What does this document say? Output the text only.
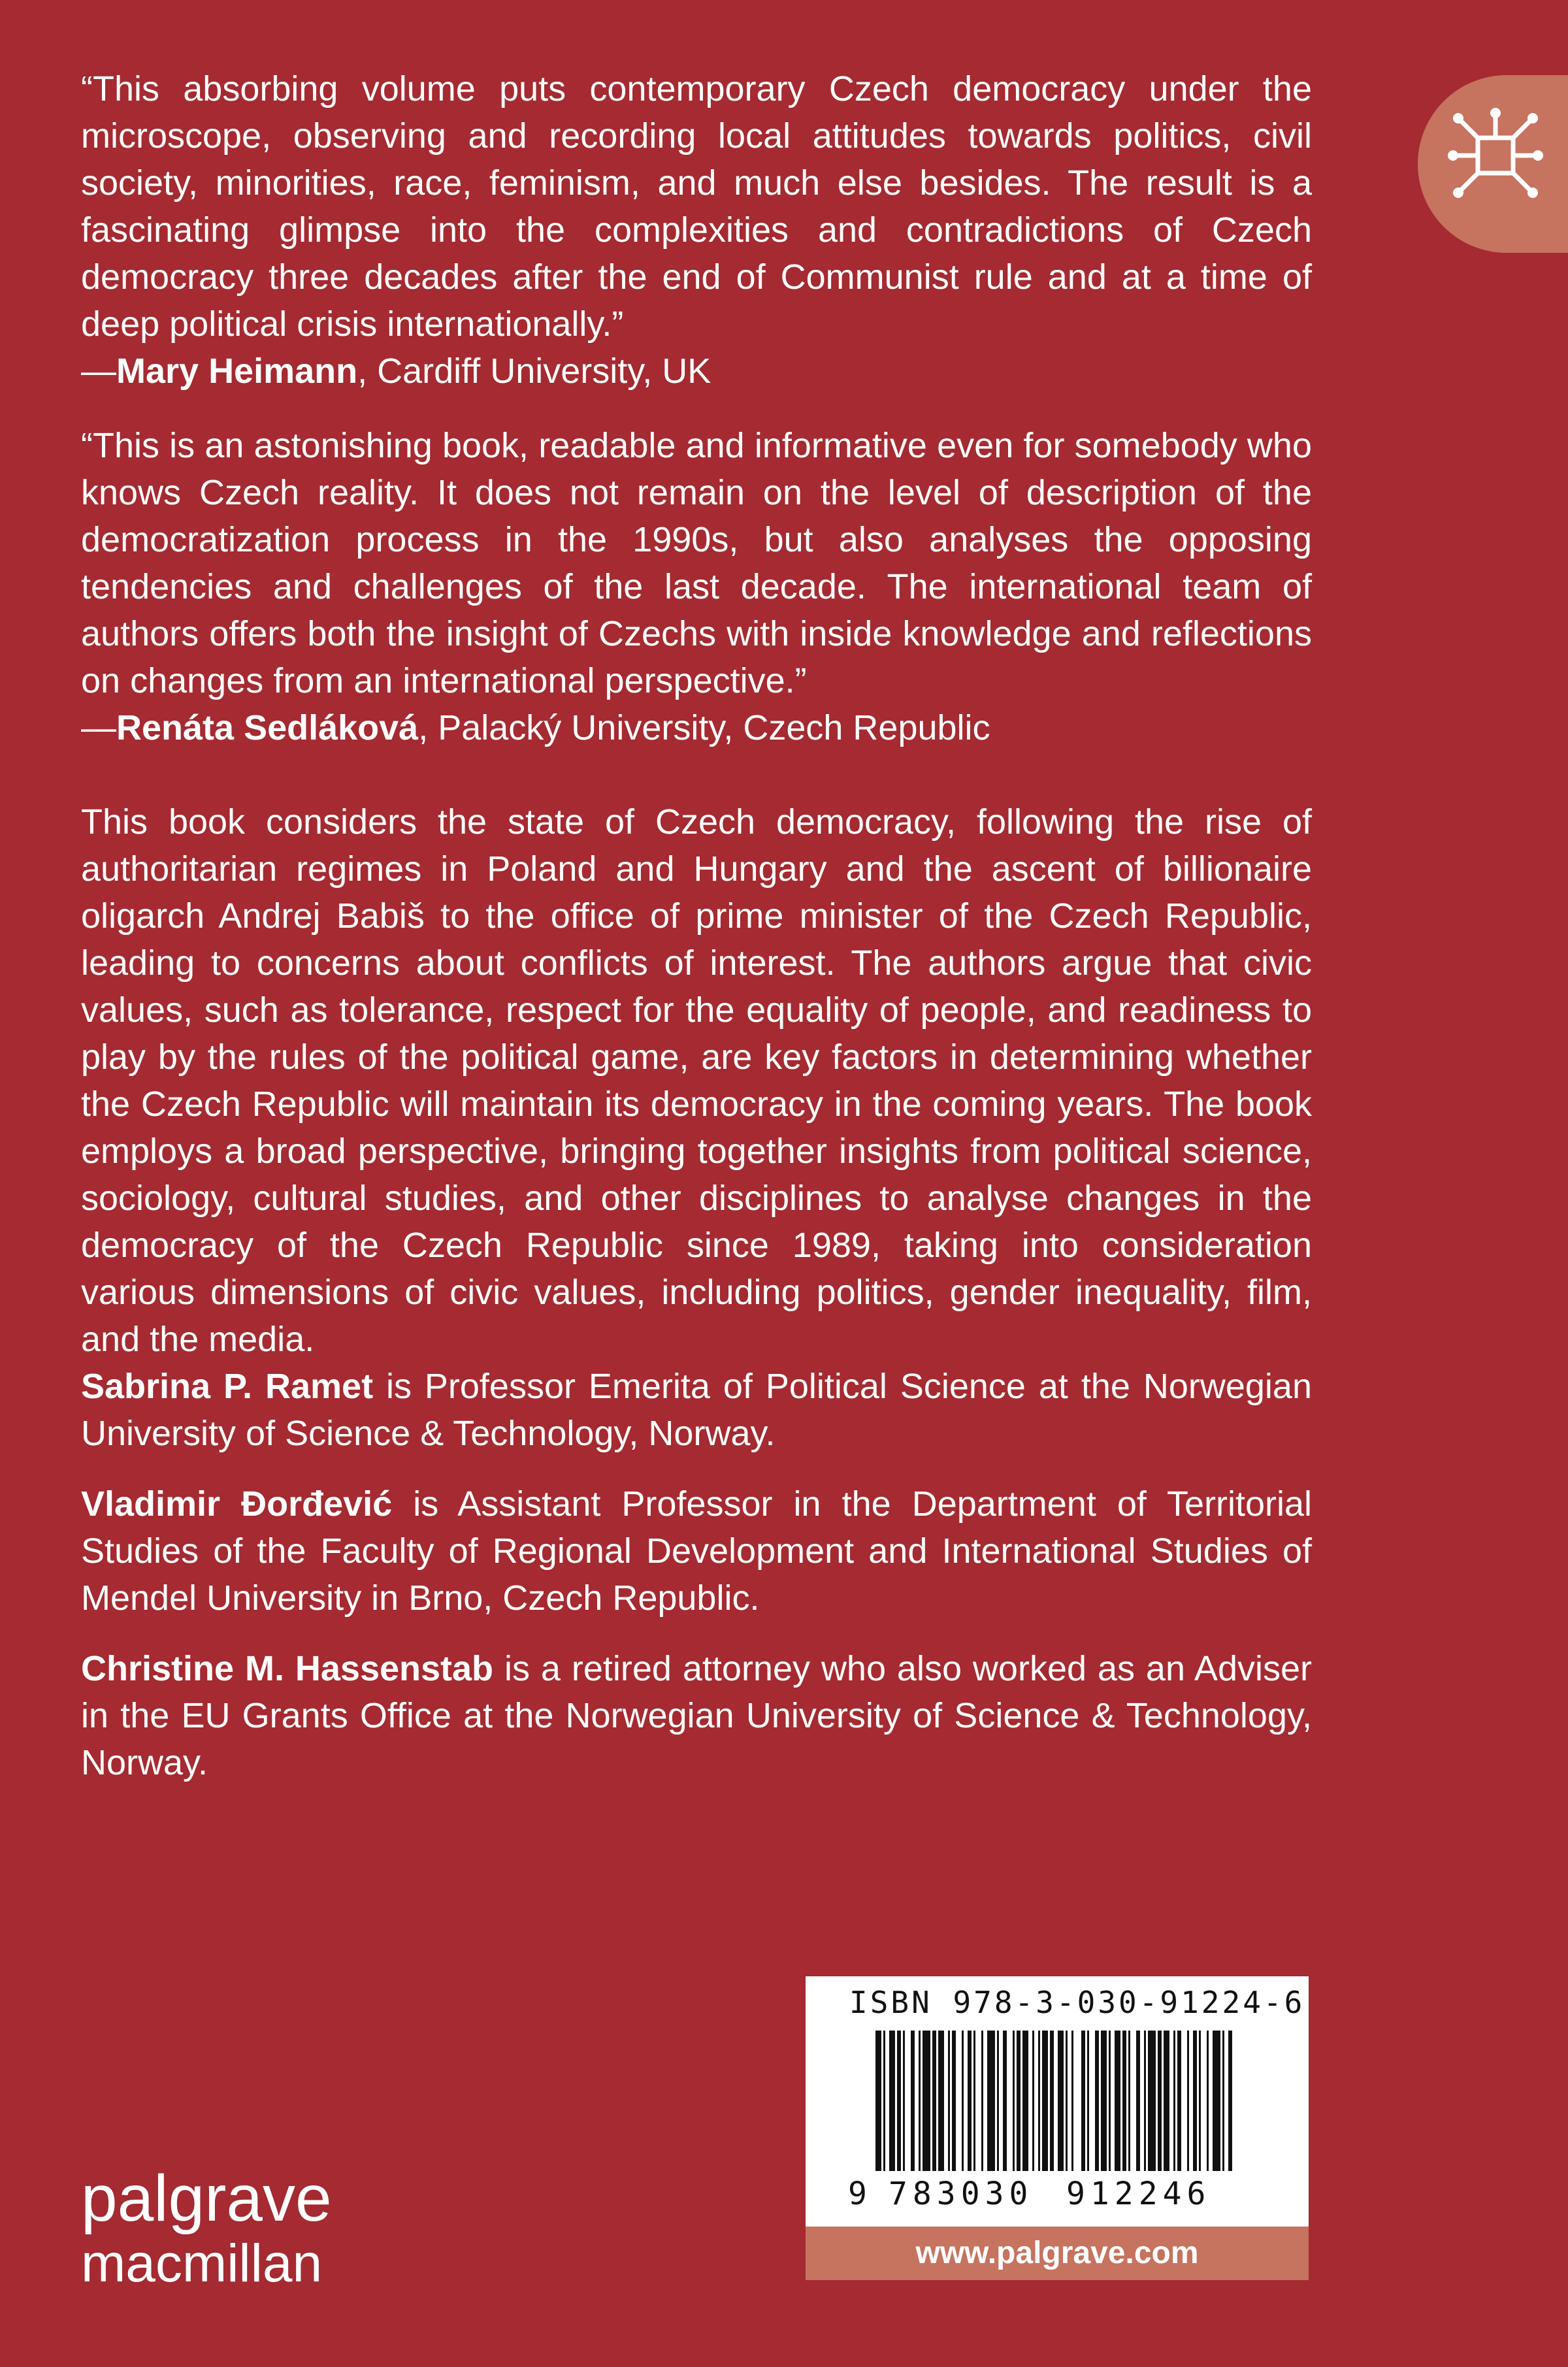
“This absorbing volume puts contemporary Czech democracy under the microscope, observing and recording local attitudes towards politics, civil society, minorities, race, feminism, and much else besides. The result is a fascinating glimpse into the complexities and contradictions of Czech democracy three decades after the end of Communist rule and at a time of deep political crisis internationally.”

—Mary Heimann, Cardiff University, UK

“This is an astonishing book, readable and informative even for somebody who knows Czech reality. It does not remain on the level of description of the democratization process in the 1990s, but also analyses the opposing tendencies and challenges of the last decade. The international team of authors offers both the insight of Czechs with inside knowledge and reflections on changes from an international perspective.”

—Renáta Sedláková, Palacký University, Czech Republic

This book considers the state of Czech democracy, following the rise of authoritarian regimes in Poland and Hungary and the ascent of billionaire oligarch Andrej Babiš to the office of prime minister of the Czech Republic, leading to concerns about conflicts of interest. The authors argue that civic values, such as tolerance, respect for the equality of people, and readiness to play by the rules of the political game, are key factors in determining whether the Czech Republic will maintain its democracy in the coming years. The book employs a broad perspective, bringing together insights from political science, sociology, cultural studies, and other disciplines to analyse changes in the democracy of the Czech Republic since 1989, taking into consideration various dimensions of civic values, including politics, gender inequality, film, and the media.

Sabrina P. Ramet is Professor Emerita of Political Science at the Norwegian University of Science & Technology, Norway.

Vladimir Đorđević is Assistant Professor in the Department of Territorial Studies of the Faculty of Regional Development and International Studies of Mendel University in Brno, Czech Republic.

Christine M. Hassenstab is a retired attorney who also worked as an Adviser in the EU Grants Office at the Norwegian University of Science & Technology, Norway.

ISBN 978-3-030-91224-6
9 783030 912246
www.palgrave.com
palgrave
macmillan
